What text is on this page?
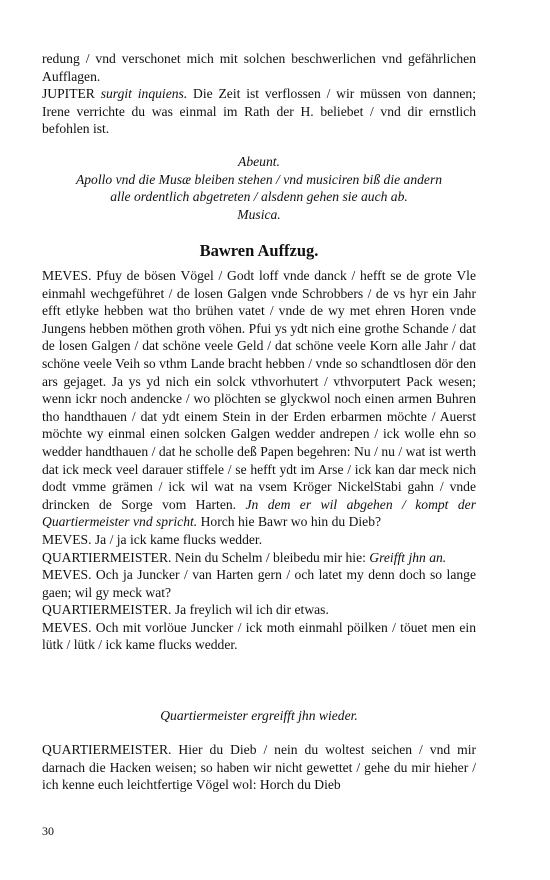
redung / vnd verschonet mich mit solchen beschwerlichen vnd gefährlichen Aufflagen.

JUPITER surgit inquiens. Die Zeit ist verflossen / wir müssen von dannen; Irene verrichte du was einmal im Rath der H. beliebet / vnd dir ernstlich befohlen ist.

Abeunt.

Apollo vnd die Musæ bleiben stehen / vnd musiciren biß die andern

alle ordentlich abgetreten / alsdenn gehen sie auch ab.

Musica.

Bawren Auffzug.

MEVES. Pfuy de bösen Vögel / Godt loff vnde danck / hefft se de grote Vle einmahl wechgeführet / de losen Galgen vnde Schrobbers / de vs hyr ein Jahr efft etlyke hebben wat tho brühen vatet / vnde de wy met ehren Horen vnde Jungens hebben möthen groth vöhen. Pfui ys ydt nich eine grothe Schande / dat de losen Galgen / dat schöne veele Geld / dat schöne veele Korn alle Jahr / dat schöne veele Veih so vthm Lande bracht hebben / vnde so schandtlosen dör den ars gejaget. Ja ys yd nich ein solck vthvorhutert / vthvorputert Pack wesen; wenn ickr noch andencke / wo plöchten se glyckwol noch einen armen Buhren tho handthauen / dat ydt einem Stein in der Erden erbarmen möchte / Auerst möchte wy einmal einen solcken Galgen wedder andrepen / ick wolle ehn so wedder handthauen / dat he scholle deß Papen begehren: Nu / nu / wat ist werth dat ick meck veel darauer stiffele / se hefft ydt im Arse / ick kan dar meck nich dodt vmme grämen / ick wil wat na vsem Kröger NickelStabi gahn / vnde drincken de Sorge vom Harten. Jn dem er wil abgehen / kompt der Quartiermeister vnd spricht. Horch hie Bawr wo hin du Dieb?

MEVES. Ja / ja ick kame flucks wedder.

QUARTIERMEISTER. Nein du Schelm / bleibedu mir hie: Greifft jhn an.

MEVES. Och ja Juncker / van Harten gern / och latet my denn doch so lange gaen; wil gy meck wat?

QUARTIERMEISTER. Ja freylich wil ich dir etwas.

MEVES. Och mit vorlöue Juncker / ick moth einmahl pöilken / töuet men ein lütk / lütk / ick kame flucks wedder.

Quartiermeister ergreifft jhn wieder.
QUARTIERMEISTER. Hier du Dieb / nein du woltest seichen / vnd mir darnach die Hacken weisen; so haben wir nicht gewettet / gehe du mir hieher / ich kenne euch leichtfertige Vögel wol: Horch du Dieb
30
